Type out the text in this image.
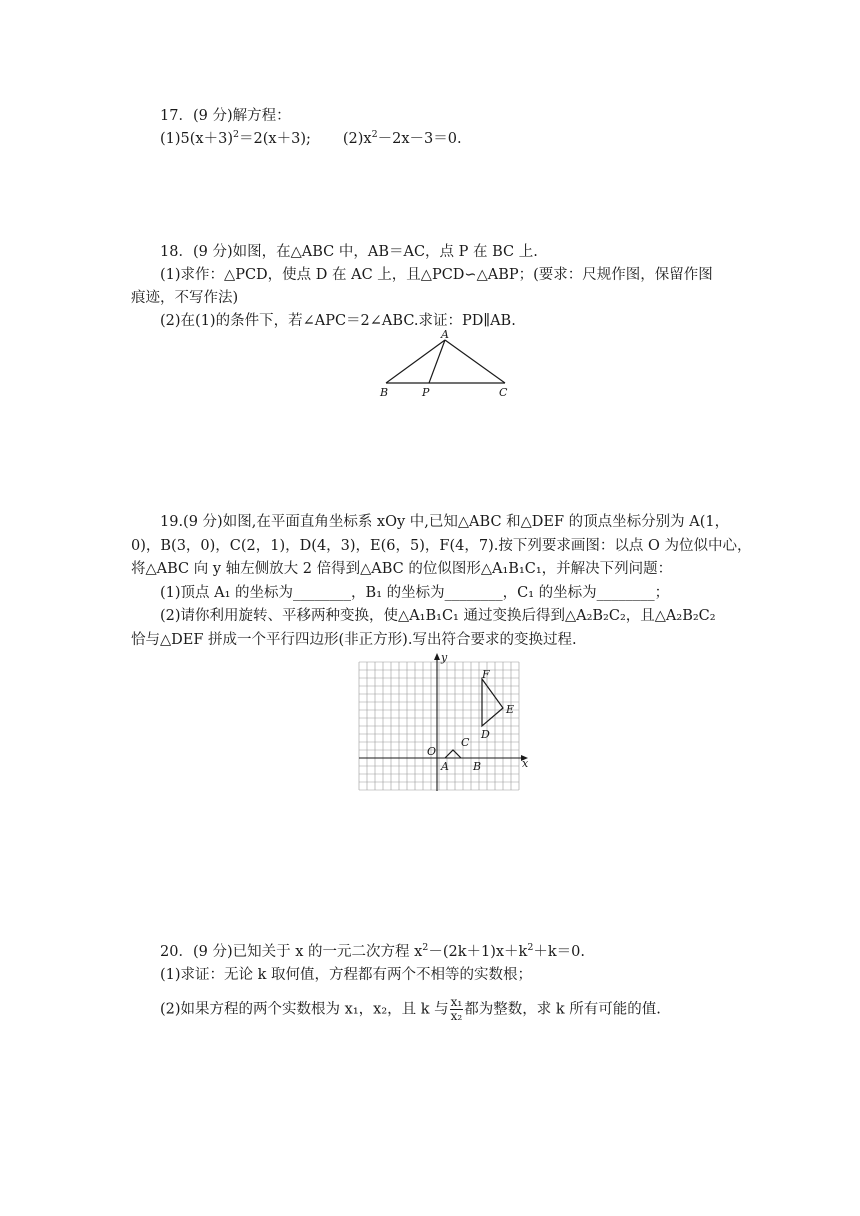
17．(9 分)解方程：
$(1)5(x+3)^2=2(x+3)$; $(2)x^2-2x-3=0$.
18．(9 分)如图，在△ABC 中，AB＝AC，点 P 在 BC 上.
(1)求作：△PCD，使点 D 在 AC 上，且△PCD∽△ABP；(要求：尺规作图，保留作图
痕迹，不写作法)
(2)在(1)的条件下，若∠APC＝2∠ABC.求证：PD∥AB.
A
B	P	C
19.(9 分)如图,在平面直角坐标系 xOy 中,已知△ABC 和△DEF 的顶点坐标分别为 A(1，
0)，B(3，0)，C(2，1)，D(4，3)，E(6，5)，F(4，7).按下列要求画图：以点 O 为位似中心，
将△ABC 向 y 轴左侧放大 2 倍得到△ABC 的位似图形△A₁B₁C₁，并解决下列问题：
(1)顶点 A₁ 的坐标为________，B₁ 的坐标为________，C₁ 的坐标为________；
(2)请你利用旋转、平移两种变换，使△A₁B₁C₁ 通过变换后得到△A₂B₂C₂，且△A₂B₂C₂
恰与△DEF 拼成一个平行四边形(非正方形).写出符合要求的变换过程.
y
x
O
A B
C
D
E
F
20．(9 分)已知关于 x 的一元二次方程 $x^2-(2k+1)x+k^2+k=0$.
(1)求证：无论 k 取何值，方程都有两个不相等的实数根；
(2)如果方程的两个实数根为 x₁，x₂，且 k 与 $\frac{\text{x₁}}{\text{x₂}}$ 都为整数，求 k 所有可能的值.
